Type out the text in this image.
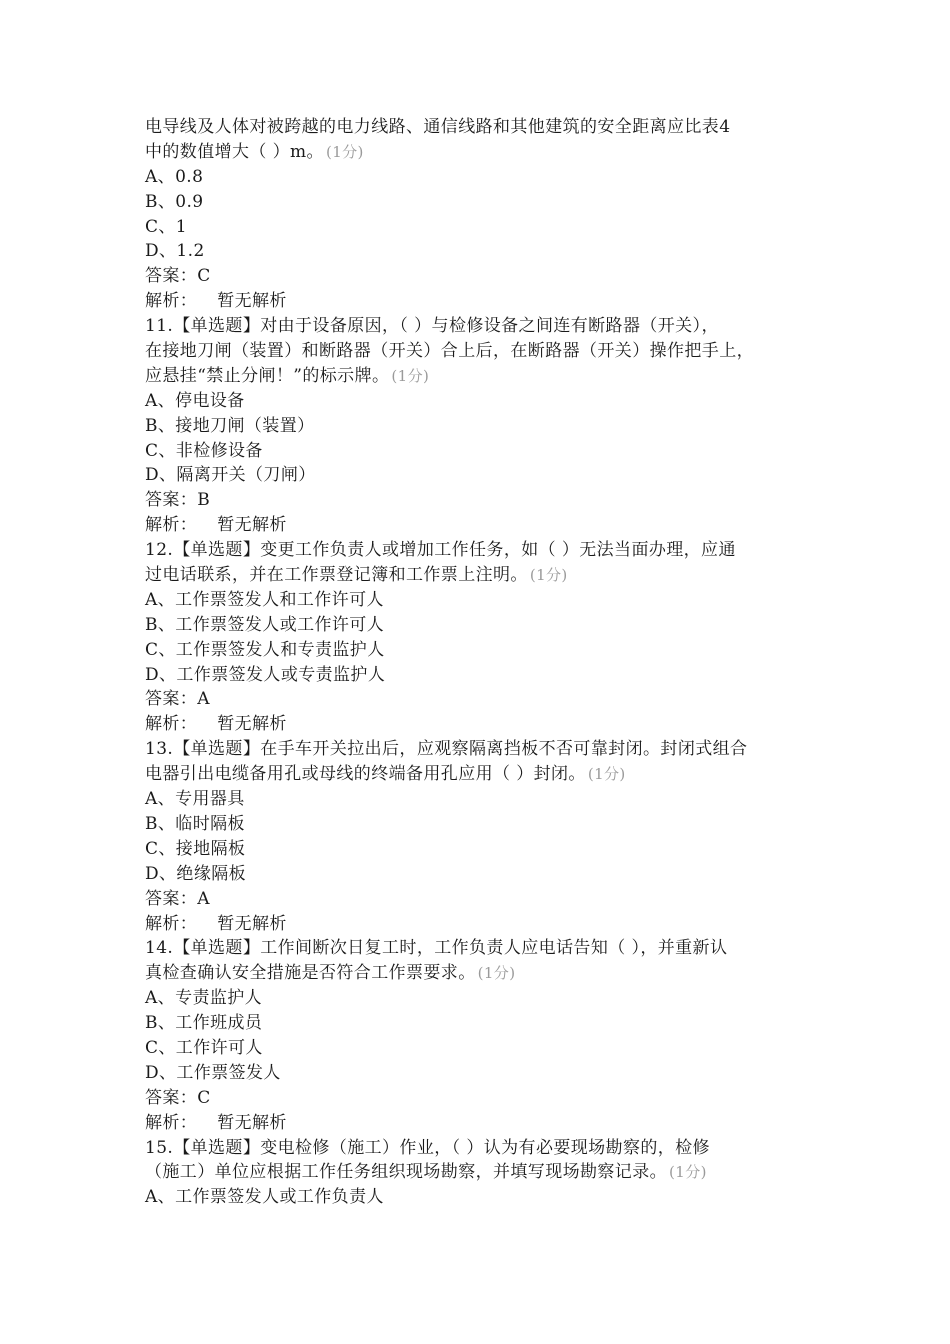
电导线及人体对被跨越的电力线路、通信线路和其他建筑的安全距离应比表4
中的数值增大（ ）m。 (1分)
A、0.8
B、0.9
C、1
D、1.2
答案：C
解析： 暂无解析
11.【单选题】对由于设备原因，（ ）与检修设备之间连有断路器（开关），
在接地刀闸（装置）和断路器（开关）合上后，在断路器（开关）操作把手上，
应悬挂“禁止分闸！”的标示牌。 (1分)
A、停电设备
B、接地刀闸（装置）
C、非检修设备
D、隔离开关（刀闸）
答案：B
解析： 暂无解析
12.【单选题】变更工作负责人或增加工作任务，如（ ）无法当面办理，应通
过电话联系，并在工作票登记簿和工作票上注明。 (1分)
A、工作票签发人和工作许可人
B、工作票签发人或工作许可人
C、工作票签发人和专责监护人
D、工作票签发人或专责监护人
答案：A
解析： 暂无解析
13.【单选题】在手车开关拉出后，应观察隔离挡板不否可靠封闭。封闭式组合
电器引出电缆备用孔或母线的终端备用孔应用（ ）封闭。 (1分)
A、专用器具
B、临时隔板
C、接地隔板
D、绝缘隔板
答案：A
解析： 暂无解析
14.【单选题】工作间断次日复工时，工作负责人应电话告知（ ），并重新认
真检查确认安全措施是否符合工作票要求。 (1分)
A、专责监护人
B、工作班成员
C、工作许可人
D、工作票签发人
答案：C
解析： 暂无解析
15.【单选题】变电检修（施工）作业，（ ）认为有必要现场勘察的，检修
（施工）单位应根据工作任务组织现场勘察，并填写现场勘察记录。 (1分)
A、工作票签发人或工作负责人
